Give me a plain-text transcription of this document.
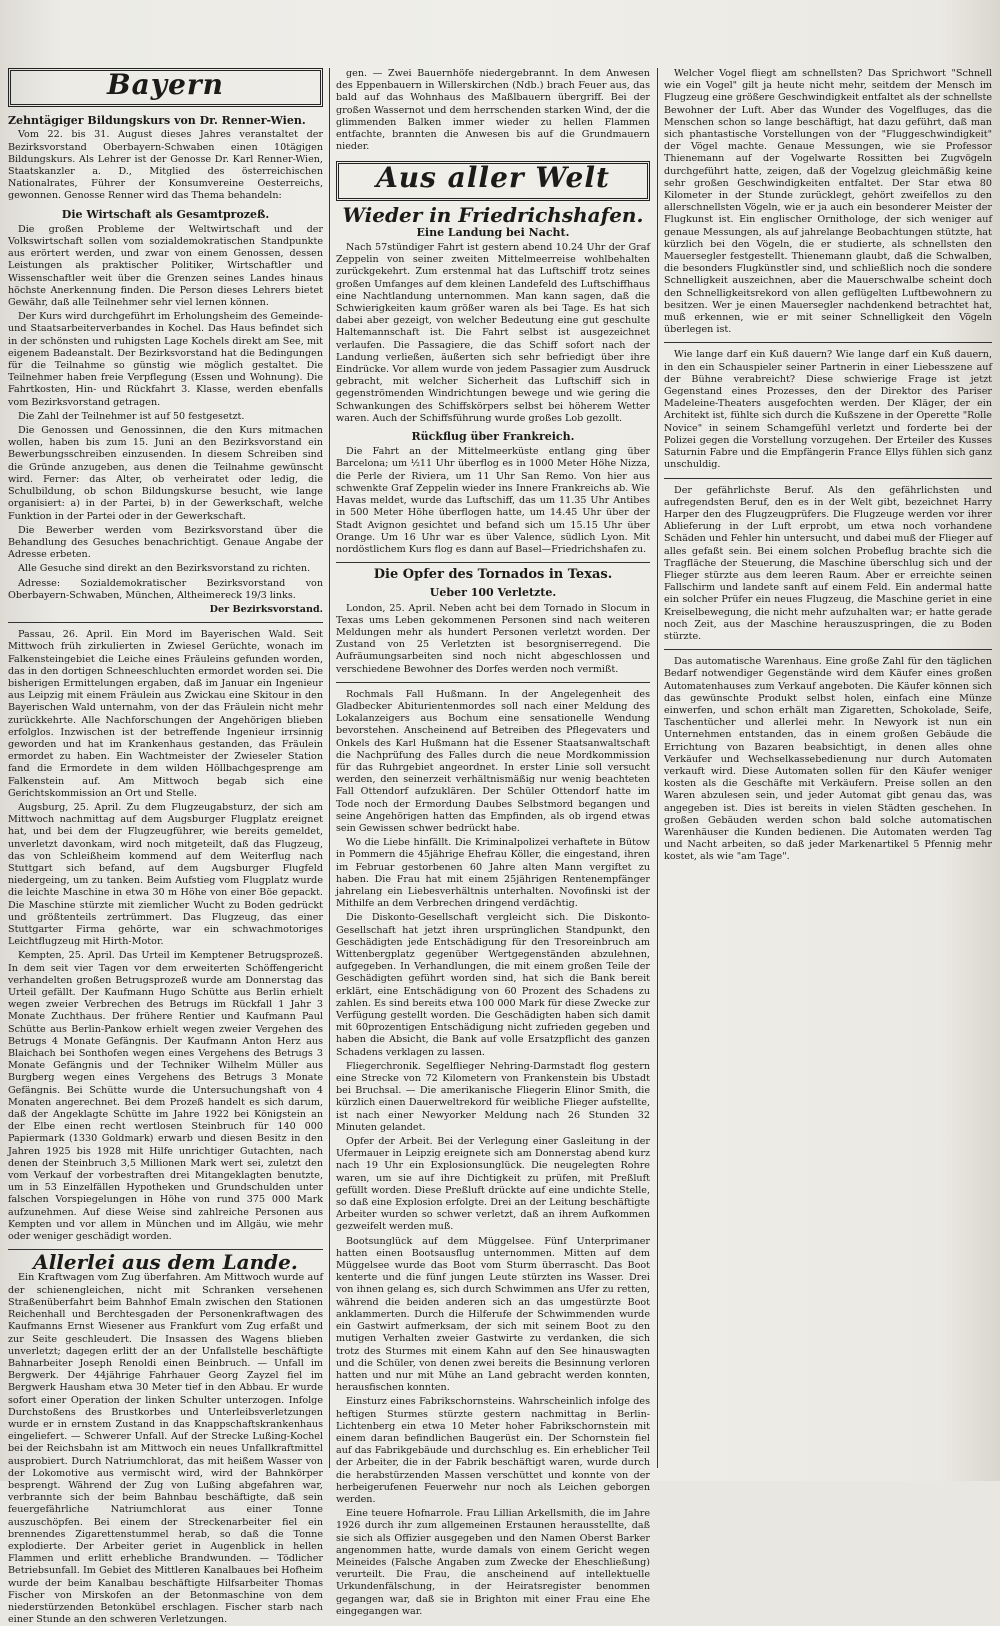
Bayern
Zehntägiger Bildungskurs von Dr. Renner-Wien.

Vom 22. bis 31. August dieses Jahres veranstaltet der Bezirksvorstand Oberbayern-Schwaben einen 10tägigen Bildungskurs. Als Lehrer ist der Genosse Dr. Karl Renner-Wien, Staatskanzler a. D., Mitglied des österreichischen Nationalrates, Führer der Konsumvereine Oesterreichs, gewonnen. Genosse Renner wird das Thema behandeln:

Die Wirtschaft als Gesamtprozeß.

Die großen Probleme der Weltwirtschaft und der Volkswirtschaft sollen vom sozialdemokratischen Standpunkte aus erörtert werden, und zwar von einem Genossen, dessen Leistungen als praktischer Politiker, Wirtschaftler und Wissenschaftler weit über die Grenzen seines Landes hinaus höchste Anerkennung finden. Die Person dieses Lehrers bietet Gewähr, daß alle Teilnehmer sehr viel lernen können.

Der Kurs wird durchgeführt im Erholungsheim des Gemeinde- und Staatsarbeiterverbandes in Kochel. Das Haus befindet sich in der schönsten und ruhigsten Lage Kochels direkt am See, mit eigenem Badeanstalt. Der Bezirksvorstand hat die Bedingungen für die Teilnahme so günstig wie möglich gestaltet. Die Teilnehmer haben freie Verpflegung (Essen und Wohnung). Die Fahrtkosten, Hin- und Rückfahrt 3. Klasse, werden ebenfalls vom Bezirksvorstand getragen.

Die Zahl der Teilnehmer ist auf 50 festgesetzt.

Die Genossen und Genossinnen, die den Kurs mitmachen wollen, haben bis zum 15. Juni an den Bezirksvorstand ein Bewerbungsschreiben einzusenden. In diesem Schreiben sind die Gründe anzugeben, aus denen die Teilnahme gewünscht wird. Ferner: das Alter, ob verheiratet oder ledig, die Schulbildung, ob schon Bildungskurse besucht, wie lange organisiert: a) in der Partei, b) in der Gewerkschaft, welche Funktion in der Partei oder in der Gewerkschaft.

Die Bewerber werden vom Bezirksvorstand über die Behandlung des Gesuches benachrichtigt. Genaue Angabe der Adresse erbeten.

Alle Gesuche sind direkt an den Bezirksvorstand zu richten.

Adresse: Sozialdemokratischer Bezirksvorstand von Oberbayern-Schwaben, München, Altheimereck 19/3 links.

Der Bezirksvorstand.

Passau, 26. April. Ein Mord im Bayerischen Wald. Seit Mittwoch früh zirkulierten in Zwiesel Gerüchte, wonach im Falkensteingebiet die Leiche eines Fräuleins gefunden worden, das in den dortigen Schneeschluchten ermordet worden sei. Die bisherigen Ermittelungen ergaben, daß im Januar ein Ingenieur aus Leipzig mit einem Fräulein aus Zwickau eine Skitour in den Bayerischen Wald unternahm, von der das Fräulein nicht mehr zurückkehrte. Alle Nachforschungen der Angehörigen blieben erfolglos. Inzwischen ist der betreffende Ingenieur irrsinnig geworden und hat im Krankenhaus gestanden, das Fräulein ermordet zu haben. Ein Wachtmeister der Zwieseler Station fand die Ermordete in dem wilden Höllbachgesprenge am Falkenstein auf. Am Mittwoch begab sich eine Gerichtskommission an Ort und Stelle.

Augsburg, 25. April. Zu dem Flugzeugabsturz, der sich am Mittwoch nachmittag auf dem Augsburger Flugplatz ereignet hat, und bei dem der Flugzeugführer, wie bereits gemeldet, unverletzt davonkam, wird noch mitgeteilt, daß das Flugzeug, das von Schleißheim kommend auf dem Weiterflug nach Stuttgart sich befand, auf dem Augsburger Flugfeld niedergeing, um zu tanken. Beim Aufstieg vom Flugplatz wurde die leichte Maschine in etwa 30 m Höhe von einer Böe gepackt. Die Maschine stürzte mit ziemlicher Wucht zu Boden gedrückt und größtenteils zertrümmert. Das Flugzeug, das einer Stuttgarter Firma gehörte, war ein schwachmotoriges Leichtflugzeug mit Hirth-Motor.

Kempten, 25. April. Das Urteil im Kemptener Betrugsprozeß. In dem seit vier Tagen vor dem erweiterten Schöffengericht verhandelten großen Betrugsprozeß wurde am Donnerstag das Urteil gefällt. Der Kaufmann Hugo Schütte aus Berlin erhielt wegen zweier Verbrechen des Betrugs im Rückfall 1 Jahr 3 Monate Zuchthaus. Der frühere Rentier und Kaufmann Paul Schütte aus Berlin-Pankow erhielt wegen zweier Vergehen des Betrugs 4 Monate Gefängnis. Der Kaufmann Anton Herz aus Blaichach bei Sonthofen wegen eines Vergehens des Betrugs 3 Monate Gefängnis und der Techniker Wilhelm Müller aus Burgberg wegen eines Vergehens des Betrugs 3 Monate Gefängnis. Bei Schütte wurde die Untersuchungshaft von 4 Monaten angerechnet. Bei dem Prozeß handelt es sich darum, daß der Angeklagte Schütte im Jahre 1922 bei Königstein an der Elbe einen recht wertlosen Steinbruch für 140 000 Papiermark (1330 Goldmark) erwarb und diesen Besitz in den Jahren 1925 bis 1928 mit Hilfe unrichtiger Gutachten, nach denen der Steinbruch 3,5 Millionen Mark wert sei, zuletzt den vom Verkauf der vorbestraften drei Mitangeklagten benutzte, um in 53 Einzelfällen Hypotheken und Grundschulden unter falschen Vorspiegelungen in Höhe von rund 375 000 Mark aufzunehmen. Auf diese Weise sind zahlreiche Personen aus Kempten und vor allem in München und im Allgäu, wie mehr oder weniger geschädigt worden.

Allerlei aus dem Lande.

Ein Kraftwagen vom Zug überfahren. Am Mittwoch wurde auf der schienengleichen, nicht mit Schranken versehenen Straßenüberfahrt beim Bahnhof Emaln zwischen den Stationen Reichenhall und Berchtesgaden der Personenkraftwagen des Kaufmanns Ernst Wiesener aus Frankfurt vom Zug erfaßt und zur Seite geschleudert. Die Insassen des Wagens blieben unverletzt; dagegen erlitt der an der Unfallstelle beschäftigte Bahnarbeiter Joseph Renoldi einen Beinbruch. — Unfall im Bergwerk. Der 44jährige Fahrhauer Georg Zayzel fiel im Bergwerk Hausham etwa 30 Meter tief in den Abbau. Er wurde sofort einer Operation der linken Schulter unterzogen. Infolge Durchstoßens des Brustkorbes und Unterleibsverletzungen wurde er in ernstem Zustand in das Knappschaftskrankenhaus eingeliefert. — Schwerer Unfall. Auf der Strecke Lußing-Kochel bei der Reichsbahn ist am Mittwoch ein neues Unfallkraftmittel ausprobiert. Durch Natriumchlorat, das mit heißem Wasser von der Lokomotive aus vermischt wird, wird der Bahnkörper besprengt. Während der Zug von Lußing abgefahren war, verbrannte sich der beim Bahnbau beschäftigte, daß sein feuergefährliche Natriumchlorat aus einer Tonne auszuschöpfen. Bei einem der Streckenarbeiter fiel ein brennendes Zigarettenstummel herab, so daß die Tonne explodierte. Der Arbeiter geriet in Augenblick in hellen Flammen und erlitt erhebliche Brandwunden. — Tödlicher Betriebsunfall. Im Gebiet des Mittleren Kanalbaues bei Hofheim wurde der beim Kanalbau beschäftigte Hilfsarbeiter Thomas Fischer von Mirskofen an der Betonmaschine von dem niederstürzenden Betonkübel erschlagen. Fischer starb nach einer Stunde an den schweren Verletzungen.

gen. — Zwei Bauernhöfe niedergebrannt. In dem Anwesen des Eppenbauern in Willerskirchen (Ndb.) brach Feuer aus, das bald auf das Wohnhaus des Maßlbauern übergriff. Bei der großen Wassernot und dem herrschenden starken Wind, der die glimmenden Balken immer wieder zu hellen Flammen entfachte, brannten die Anwesen bis auf die Grundmauern nieder.

Aus aller Welt
Wieder in Friedrichshafen.
Eine Landung bei Nacht.

Nach 57stündiger Fahrt ist gestern abend 10.24 Uhr der Graf Zeppelin von seiner zweiten Mittelmeerreise wohlbehalten zurückgekehrt. Zum erstenmal hat das Luftschiff trotz seines großen Umfanges auf dem kleinen Landefeld des Luftschiffhaus eine Nachtlandung unternommen. Man kann sagen, daß die Schwierigkeiten kaum größer waren als bei Tage. Es hat sich dabei aber gezeigt, von welcher Bedeutung eine gut geschulte Haltemannschaft ist. Die Fahrt selbst ist ausgezeichnet verlaufen. Die Passagiere, die das Schiff sofort nach der Landung verließen, äußerten sich sehr befriedigt über ihre Eindrücke. Vor allem wurde von jedem Passagier zum Ausdruck gebracht, mit welcher Sicherheit das Luftschiff sich in gegenströmenden Windrichtungen bewege und wie gering die Schwankungen des Schiffskörpers selbst bei höherem Wetter waren. Auch der Schiffsführung wurde großes Lob gezollt.

Rückflug über Frankreich.

Die Fahrt an der Mittelmeerküste entlang ging über Barcelona; um ½11 Uhr überflog es in 1000 Meter Höhe Nizza, die Perle der Riviera, um 11 Uhr San Remo. Von hier aus schwenkte Graf Zeppelin wieder ins Innere Frankreichs ab. Wie Havas meldet, wurde das Luftschiff, das um 11.35 Uhr Antibes in 500 Meter Höhe überflogen hatte, um 14.45 Uhr über der Stadt Avignon gesichtet und befand sich um 15.15 Uhr über Orange. Um 16 Uhr war es über Valence, südlich Lyon. Mit nordöstlichem Kurs flog es dann auf Basel—Friedrichshafen zu.

Die Opfer des Tornados in Texas.
Ueber 100 Verletzte.

London, 25. April. Neben acht bei dem Tornado in Slocum in Texas ums Leben gekommenen Personen sind nach weiteren Meldungen mehr als hundert Personen verletzt worden. Der Zustand von 25 Verletzten ist besorgniserregend. Die Aufräumungsarbeiten sind noch nicht abgeschlossen und verschiedene Bewohner des Dorfes werden noch vermißt.

Rochmals Fall Hußmann. In der Angelegenheit des Gladbecker Abiturientenmordes soll nach einer Meldung des Lokalanzeigers aus Bochum eine sensationelle Wendung bevorstehen. Anscheinend auf Betreiben des Pflegevaters und Onkels des Karl Hußmann hat die Essener Staatsanwaltschaft die Nachprüfung des Falles durch die neue Mordkommission für das Ruhrgebiet angeordnet. In erster Linie soll versucht werden, den seinerzeit verhältnismäßig nur wenig beachteten Fall Ottendorf aufzuklären. Der Schüler Ottendorf hatte im Tode noch der Ermordung Daubes Selbstmord begangen und seine Angehörigen hatten das Empfinden, als ob irgend etwas sein Gewissen schwer bedrückt habe.

Wo die Liebe hinfällt. Die Kriminalpolizei verhaftete in Bütow in Pommern die 45jährige Ehefrau Köller, die eingestand, ihren im Februar gestorbenen 60 Jahre alten Mann vergiftet zu haben. Die Frau hat mit einem 25jährigen Rentenempfänger jahrelang ein Liebesverhältnis unterhalten. Novofinski ist der Mithilfe an dem Verbrechen dringend verdächtig.

Die Diskonto-Gesellschaft vergleicht sich. Die Diskonto-Gesellschaft hat jetzt ihren ursprünglichen Standpunkt, den Geschädigten jede Entschädigung für den Tresoreinbruch am Wittenbergplatz gegenüber Wertgegenständen abzulehnen, aufgegeben. In Verhandlungen, die mit einem großen Teile der Geschädigten geführt worden sind, hat sich die Bank bereit erklärt, eine Entschädigung von 60 Prozent des Schadens zu zahlen. Es sind bereits etwa 100 000 Mark für diese Zwecke zur Verfügung gestellt worden. Die Geschädigten haben sich damit mit 60prozentigen Entschädigung nicht zufrieden gegeben und haben die Absicht, die Bank auf volle Ersatzpflicht des ganzen Schadens verklagen zu lassen.

Fliegerchronik. Segelflieger Nehring-Darmstadt flog gestern eine Strecke von 72 Kilometern von Frankenstein bis Ubstadt bei Bruchsal. — Die amerikanische Fliegerin Elinor Smith, die kürzlich einen Dauerweltrekord für weibliche Flieger aufstellte, ist nach einer Newyorker Meldung nach 26 Stunden 32 Minuten gelandet.

Opfer der Arbeit. Bei der Verlegung einer Gasleitung in der Ufermauer in Leipzig ereignete sich am Donnerstag abend kurz nach 19 Uhr ein Explosionsunglück. Die neugelegten Rohre waren, um sie auf ihre Dichtigkeit zu prüfen, mit Preßluft gefüllt worden. Diese Preßluft drückte auf eine undichte Stelle, so daß eine Explosion erfolgte. Drei an der Leitung beschäftigte Arbeiter wurden so schwer verletzt, daß an ihrem Aufkommen gezweifelt werden muß.

Bootsunglück auf dem Müggelsee. Fünf Unterprimaner hatten einen Bootsausflug unternommen. Mitten auf dem Müggelsee wurde das Boot vom Sturm überrascht. Das Boot kenterte und die fünf jungen Leute stürzten ins Wasser. Drei von ihnen gelang es, sich durch Schwimmen ans Ufer zu retten, während die beiden anderen sich an das umgestürzte Boot anklammerten. Durch die Hilferufe der Schwimmenden wurde ein Gastwirt aufmerksam, der sich mit seinem Boot zu den mutigen Verhalten zweier Gastwirte zu verdanken, die sich trotz des Sturmes mit einem Kahn auf den See hinauswagten und die Schüler, von denen zwei bereits die Besinnung verloren hatten und nur mit Mühe an Land gebracht werden konnten, herausfischen konnten.

Einsturz eines Fabrikschornsteins. Wahrscheinlich infolge des heftigen Sturmes stürzte gestern nachmittag in Berlin-Lichtenberg ein etwa 10 Meter hoher Fabrikschornstein mit einem daran befindlichen Baugerüst ein. Der Schornstein fiel auf das Fabrikgebäude und durchschlug es. Ein erheblicher Teil der Arbeiter, die in der Fabrik beschäftigt waren, wurde durch die herabstürzenden Massen verschüttet und konnte von der herbeigerufenen Feuerwehr nur noch als Leichen geborgen werden.

Eine teuere Hofnarrole. Frau Lillian Arkellsmith, die im Jahre 1926 durch ihr zum allgemeinen Erstaunen herausstellte, daß sie sich als Offizier ausgegeben und den Namen Oberst Barker angenommen hatte, wurde damals von einem Gericht wegen Meineides (Falsche Angaben zum Zwecke der Eheschließung) verurteilt. Die Frau, die anscheinend auf intellektuelle Urkundenfälschung, in der Heiratsregister benommen gegangen war, daß sie in Brighton mit einer Frau eine Ehe eingegangen war.

Welcher Vogel fliegt am schnellsten? Das Sprichwort "Schnell wie ein Vogel" gilt ja heute nicht mehr, seitdem der Mensch im Flugzeug eine größere Geschwindigkeit entfaltet als der schnellste Bewohner der Luft. Aber das Wunder des Vogelfluges, das die Menschen schon so lange beschäftigt, hat dazu geführt, daß man sich phantastische Vorstellungen von der "Fluggeschwindigkeit" der Vögel machte. Genaue Messungen, wie sie Professor Thienemann auf der Vogelwarte Rossitten bei Zugvögeln durchgeführt hatte, zeigen, daß der Vogelzug gleichmäßig keine sehr großen Geschwindigkeiten entfaltet. Der Star etwa 80 Kilometer in der Stunde zurücklegt, gehört zweifellos zu den allerschnellsten Vögeln, wie er ja auch ein besonderer Meister der Flugkunst ist. Ein englischer Ornithologe, der sich weniger auf genaue Messungen, als auf jahrelange Beobachtungen stützte, hat kürzlich bei den Vögeln, die er studierte, als schnellsten den Mauersegler festgestellt. Thienemann glaubt, daß die Schwalben, die besonders Flugkünstler sind, und schließlich noch die sondere Schnelligkeit auszeichnen, aber die Mauerschwalbe scheint doch den Schnelligkeitsrekord von allen geflügelten Luftbewohnern zu besitzen. Wer je einen Mauersegler nachdenkend betrachtet hat, muß erkennen, wie er mit seiner Schnelligkeit den Vögeln überlegen ist.

Wie lange darf ein Kuß dauern? Wie lange darf ein Kuß dauern, in den ein Schauspieler seiner Partnerin in einer Liebesszene auf der Bühne verabreicht? Diese schwierige Frage ist jetzt Gegenstand eines Prozesses, den der Direktor des Pariser Madeleine-Theaters ausgefochten werden. Der Kläger, der ein Architekt ist, fühlte sich durch die Kußszene in der Operette "Rolle Novice" in seinem Schamgefühl verletzt und forderte bei der Polizei gegen die Vorstellung vorzugehen. Der Erteiler des Kusses Saturnin Fabre und die Empfängerin France Ellys fühlen sich ganz unschuldig.

Der gefährlichste Beruf. Als den gefährlichsten und aufregendsten Beruf, den es in der Welt gibt, bezeichnet Harry Harper den des Flugzeugprüfers. Die Flugzeuge werden vor ihrer Ablieferung in der Luft erprobt, um etwa noch vorhandene Schäden und Fehler hin untersucht, und dabei muß der Flieger auf alles gefaßt sein. Bei einem solchen Probeflug brachte sich die Tragfläche der Steuerung, die Maschine überschlug sich und der Flieger stürzte aus dem leeren Raum. Aber er erreichte seinen Fallschirm und landete sanft auf einem Feld. Ein andermal hatte ein solcher Prüfer ein neues Flugzeug, die Maschine geriet in eine Kreiselbewegung, die nicht mehr aufzuhalten war; er hatte gerade noch Zeit, aus der Maschine herauszuspringen, die zu Boden stürzte.

Das automatische Warenhaus. Eine große Zahl für den täglichen Bedarf notwendiger Gegenstände wird dem Käufer eines großen Automatenhauses zum Verkauf angeboten. Die Käufer können sich das gewünschte Produkt selbst holen, einfach eine Münze einwerfen, und schon erhält man Zigaretten, Schokolade, Seife, Taschentücher und allerlei mehr. In Newyork ist nun ein Unternehmen entstanden, das in einem großen Gebäude die Errichtung von Bazaren beabsichtigt, in denen alles ohne Verkäufer und Wechselkassebedienung nur durch Automaten verkauft wird. Diese Automaten sollen für den Käufer weniger kosten als die Geschäfte mit Verkäufern. Preise sollen an den Waren abzulesen sein, und jeder Automat gibt genau das, was angegeben ist. Dies ist bereits in vielen Städten geschehen. In großen Gebäuden werden schon bald solche automatischen Warenhäuser die Kunden bedienen. Die Automaten werden Tag und Nacht arbeiten, so daß jeder Markenartikel 5 Pfennig mehr kostet, als wie "am Tage".
